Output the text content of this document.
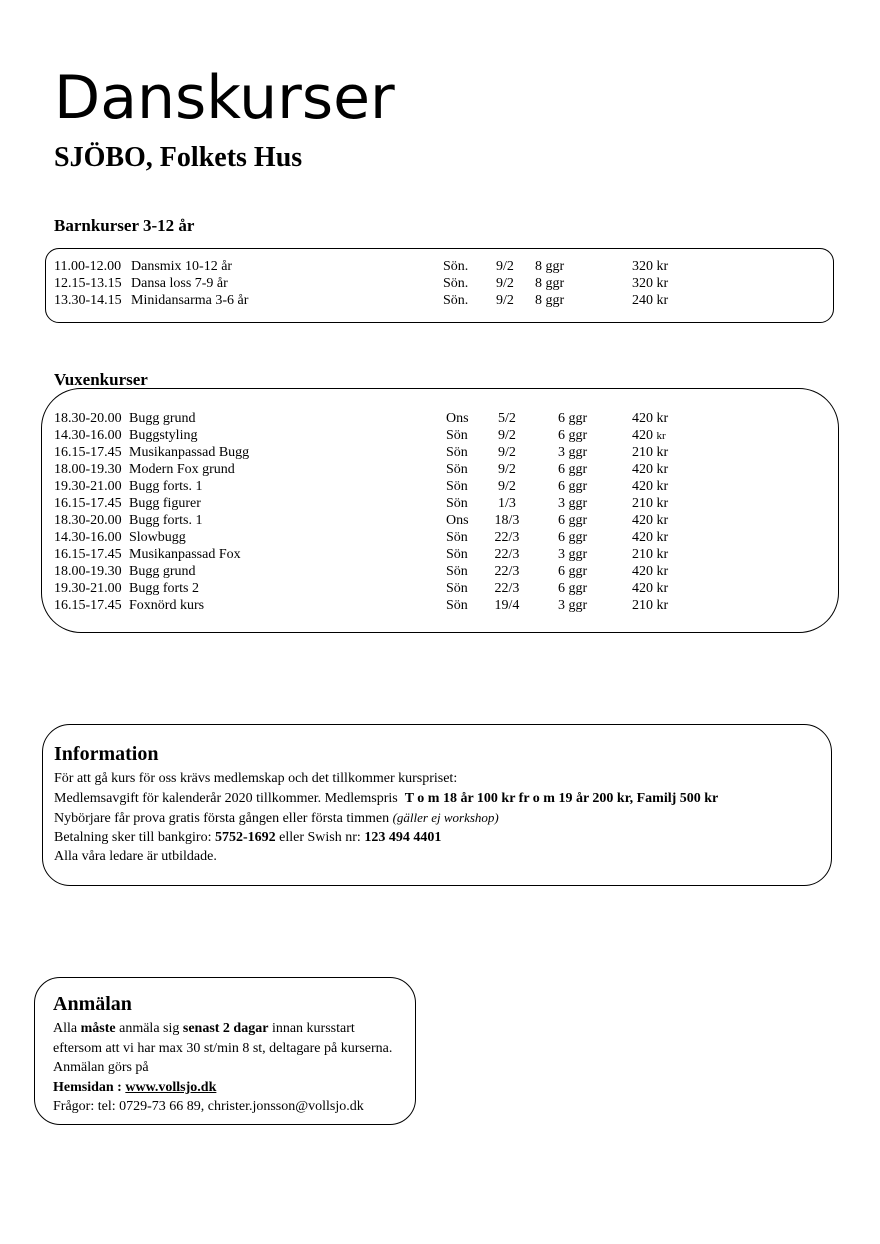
Danskurser
SJÖBO, Folkets Hus
Barnkurser 3-12 år
11.00-12.00 Dansmix 10-12 år	Sön.	9/2	8 ggr	320 kr
12.15-13.15 Dansa loss 7-9 år	Sön.	9/2	8 ggr	320 kr
13.30-14.15 Minidansarma 3-6 år	Sön.	9/2	8 ggr	240 kr
Vuxenkurser
18.30-20.00 Bugg grund	Ons	5/2	6 ggr	420 kr
14.30-16.00 Buggstyling	Sön	9/2	6 ggr	420 kr
16.15-17.45 Musikanpassad Bugg	Sön	9/2	3 ggr	210 kr
18.00-19.30 Modern Fox grund	Sön	9/2	6 ggr	420 kr
19.30-21.00 Bugg forts. 1	Sön	9/2	6 ggr	420 kr
16.15-17.45 Bugg figurer	Sön	1/3	3 ggr	210 kr
18.30-20.00 Bugg forts. 1	Ons	18/3	6 ggr	420 kr
14.30-16.00 Slowbugg	Sön	22/3	6 ggr	420 kr
16.15-17.45 Musikanpassad Fox	Sön	22/3	3 ggr	210 kr
18.00-19.30 Bugg grund	Sön	22/3	6 ggr	420 kr
19.30-21.00 Bugg forts 2	Sön	22/3	6 ggr	420 kr
16.15-17.45 Foxnörd kurs	Sön	19/4	3 ggr	210 kr
Information
För att gå kurs för oss krävs medlemskap och det tillkommer kurspriset:
Medlemsavgift för kalenderår 2020 tillkommer. Medlemspris T o m 18 år 100 kr fr o m 19 år 200 kr, Familj 500 kr
Nybörjare får prova gratis första gången eller första timmen (gäller ej workshop)
Betalning sker till bankgiro: 5752-1692 eller Swish nr: 123 494 4401
Alla våra ledare är utbildade.
Anmälan
Alla måste anmäla sig senast 2 dagar innan kursstart
eftersom att vi har max 30 st/min 8 st, deltagare på kurserna.
Anmälan görs på
Hemsidan : www.vollsjo.dk
Frågor: tel: 0729-73 66 89, christer.jonsson@vollsjo.dk
